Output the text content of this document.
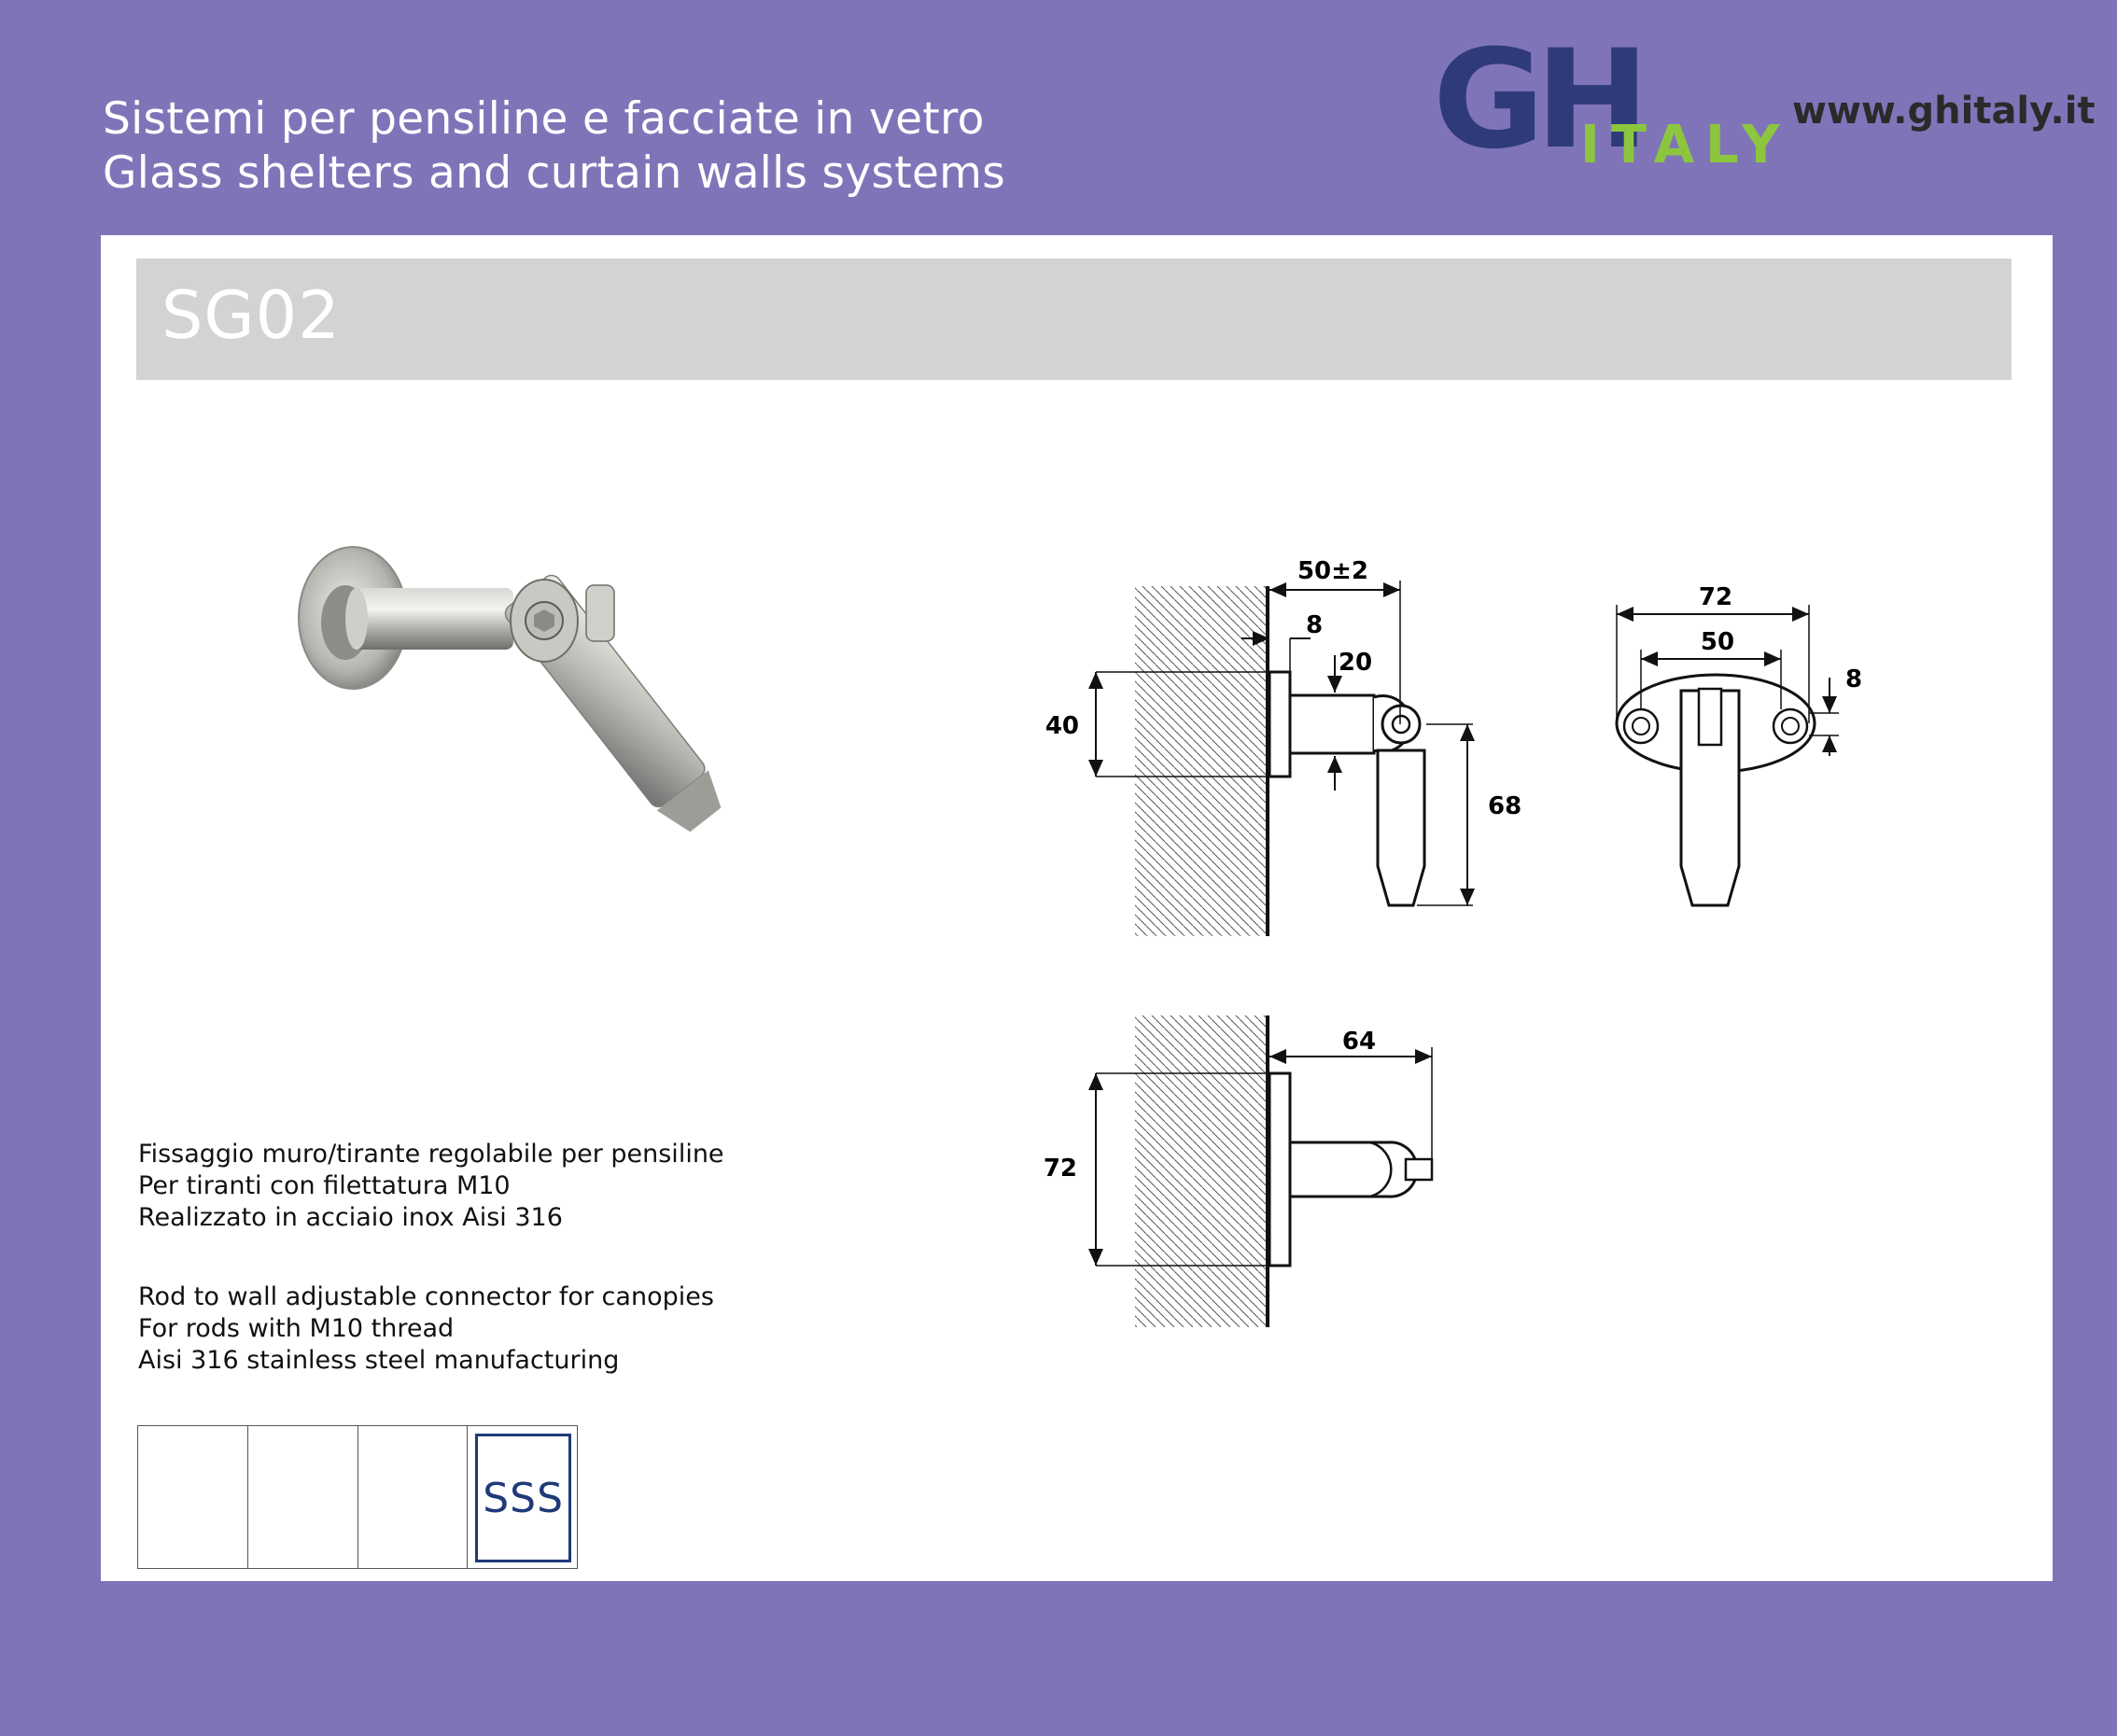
Sistemi per pensiline e facciate in vetro
Glass shelters and curtain walls systems	GH
ITALY
www.ghitaly.it
SG02
50±2
8
20
40
68
72
50
8
64
72
Fissaggio muro/tirante regolabile per pensiline
Per tiranti con filettatura M10
Realizzato in acciaio inox Aisi 316
Rod to wall adjustable connector for canopies
For rods with M10 thread
Aisi 316 stainless steel manufacturing
SSS
